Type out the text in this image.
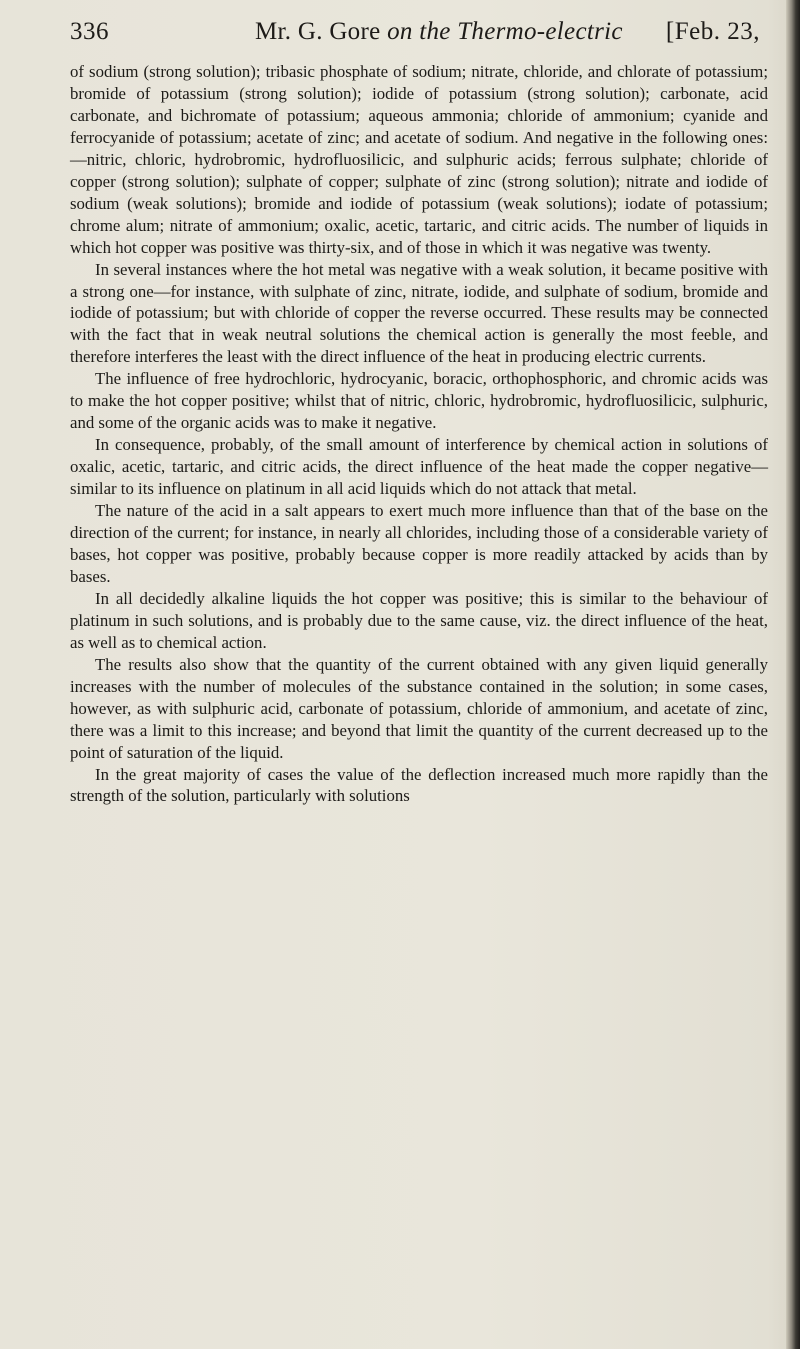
336	Mr. G. Gore on the Thermo-electric [Feb. 23,

of sodium (strong solution); tribasic phosphate of sodium; nitrate, chloride, and chlorate of potassium; bromide of potassium (strong solution); iodide of potassium (strong solution); carbonate, acid carbonate, and bichromate of potassium; aqueous ammonia; chloride of ammonium; cyanide and ferrocyanide of potassium; acetate of zinc; and acetate of sodium. And negative in the following ones:—nitric, chloric, hydrobromic, hydrofluosilicic, and sulphuric acids; ferrous sulphate; chloride of copper (strong solution); sulphate of copper; sulphate of zinc (strong solution); nitrate and iodide of sodium (weak solutions); bromide and iodide of potassium (weak solutions); iodate of potassium; chrome alum; nitrate of ammonium; oxalic, acetic, tartaric, and citric acids. The number of liquids in which hot copper was positive was thirty-six, and of those in which it was negative was twenty.

In several instances where the hot metal was negative with a weak solution, it became positive with a strong one—for instance, with sulphate of zinc, nitrate, iodide, and sulphate of sodium, bromide and iodide of potassium; but with chloride of copper the reverse occurred. These results may be connected with the fact that in weak neutral solutions the chemical action is generally the most feeble, and therefore interferes the least with the direct influence of the heat in producing electric currents.

The influence of free hydrochloric, hydrocyanic, boracic, orthophosphoric, and chromic acids was to make the hot copper positive; whilst that of nitric, chloric, hydrobromic, hydrofluosilicic, sulphuric, and some of the organic acids was to make it negative.

In consequence, probably, of the small amount of interference by chemical action in solutions of oxalic, acetic, tartaric, and citric acids, the direct influence of the heat made the copper negative—similar to its influence on platinum in all acid liquids which do not attack that metal.

The nature of the acid in a salt appears to exert much more influence than that of the base on the direction of the current; for instance, in nearly all chlorides, including those of a considerable variety of bases, hot copper was positive, probably because copper is more readily attacked by acids than by bases.

In all decidedly alkaline liquids the hot copper was positive; this is similar to the behaviour of platinum in such solutions, and is probably due to the same cause, viz. the direct influence of the heat, as well as to chemical action.

The results also show that the quantity of the current obtained with any given liquid generally increases with the number of molecules of the substance contained in the solution; in some cases, however, as with sulphuric acid, carbonate of potassium, chloride of ammonium, and acetate of zinc, there was a limit to this increase; and beyond that limit the quantity of the current decreased up to the point of saturation of the liquid.

In the great majority of cases the value of the deflection increased much more rapidly than the strength of the solution, particularly with solutions
